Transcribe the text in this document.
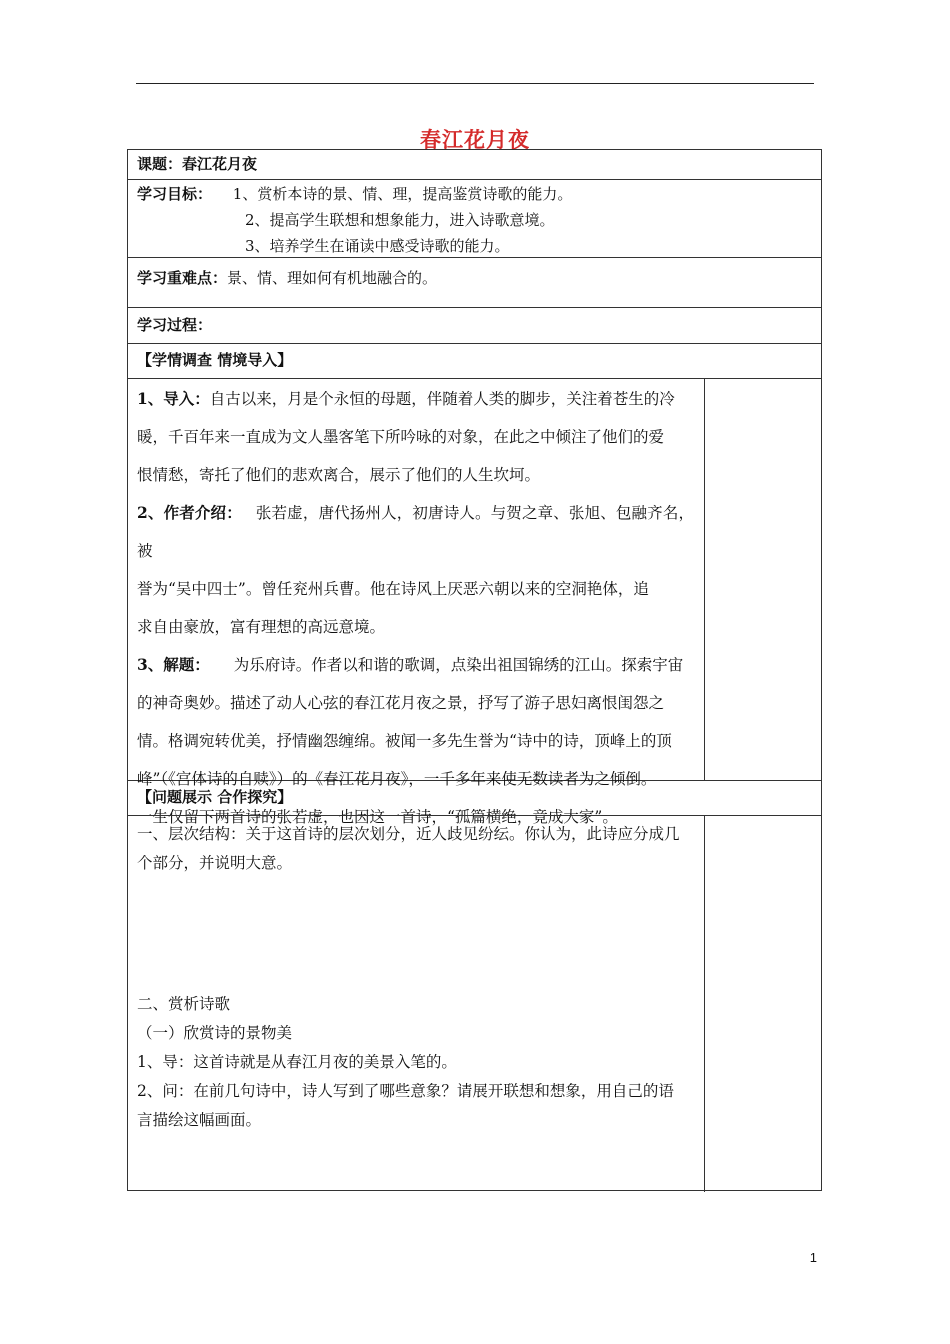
春江花月夜
课题：春江花月夜
学习目标： 1、赏析本诗的景、情、理，提高鉴赏诗歌的能力。
2、提高学生联想和想象能力，进入诗歌意境。
3、培养学生在诵读中感受诗歌的能力。
学习重难点：景、情、理如何有机地融合的。
学习过程：
【学情调查 情境导入】
1、导入：自古以来，月是个永恒的母题，伴随着人类的脚步，关注着苍生的冷
暖，千百年来一直成为文人墨客笔下所吟咏的对象，在此之中倾注了他们的爱
恨情愁，寄托了他们的悲欢离合，展示了他们的人生坎坷。
2、作者介绍： 张若虚，唐代扬州人，初唐诗人。与贺之章、张旭、包融齐名，被
誉为“吴中四士”。曾任兖州兵曹。他在诗风上厌恶六朝以来的空洞艳体，追
求自由豪放，富有理想的高远意境。
3、解题： 为乐府诗。作者以和谐的歌调，点染出祖国锦绣的江山。探索宇宙
的神奇奥妙。描述了动人心弦的春江花月夜之景，抒写了游子思妇离恨闺怨之
情。格调宛转优美，抒情幽怨缠绵。被闻一多先生誉为“诗中的诗，顶峰上的顶
峰”（《宫体诗的自赎》）的《春江花月夜》，一千多年来使无数读者为之倾倒。
一生仅留下两首诗的张若虚，也因这一首诗，“孤篇横绝，竟成大家”。
【问题展示 合作探究】
一、层次结构：关于这首诗的层次划分，近人歧见纷纭。你认为，此诗应分成几
个部分，并说明大意。
二、赏析诗歌
（一）欣赏诗的景物美
1、导：这首诗就是从春江月夜的美景入笔的。
2、问：在前几句诗中，诗人写到了哪些意象？请展开联想和想象，用自己的语
言描绘这幅画面。
1
